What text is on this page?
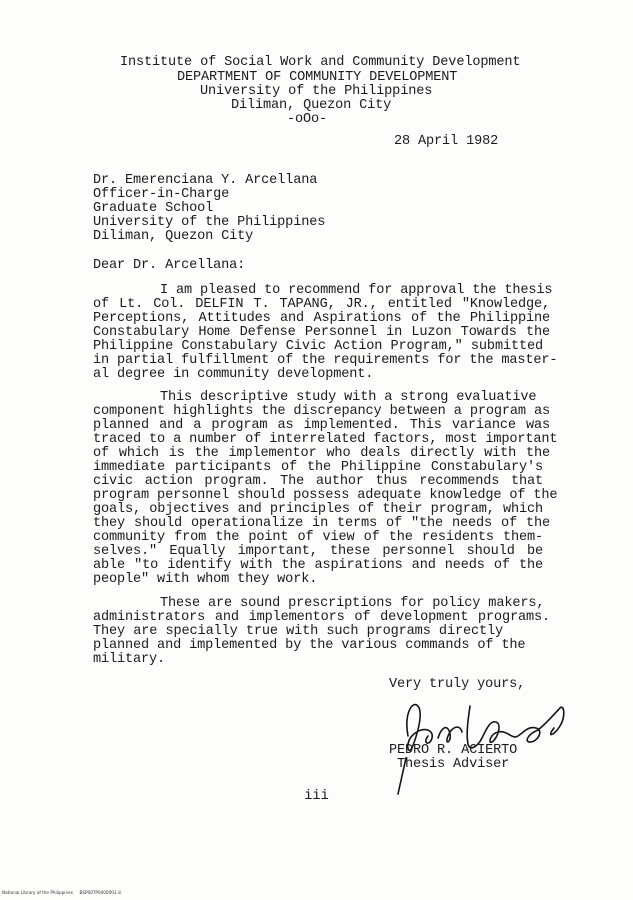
Institute of Social Work and Community Development
DEPARTMENT OF COMMUNITY DEVELOPMENT
University of the Philippines
Diliman, Quezon City
-oOo-
28 April 1982
Dr. Emerenciana Y. Arcellana
Officer-in-Charge
Graduate School
University of the Philippines
Diliman, Quezon City
Dear Dr. Arcellana:
I am pleased to recommend for approval the thesis
of Lt. Col. DELFIN T. TAPANG, JR., entitled "Knowledge,
Perceptions, Attitudes and Aspirations of the Philippine
Constabulary Home Defense Personnel in Luzon Towards the
Philippine Constabulary Civic Action Program," submitted
in partial fulfillment of the requirements for the master-
al degree in community development.
This descriptive study with a strong evaluative
component highlights the discrepancy between a program as
planned and a program as implemented. This variance was
traced to a number of interrelated factors, most important
of which is the implementor who deals directly with the
immediate participants of the Philippine Constabulary's
civic action program. The author thus recommends that
program personnel should possess adequate knowledge of the
goals, objectives and principles of their program, which
they should operationalize in terms of "the needs of the
community from the point of view of the residents them-
selves." Equally important, these personnel should be
able "to identify with the aspirations and needs of the
people" with whom they work.
These are sound prescriptions for policy makers,
administrators and implementors of development programs.
They are specially true with such programs directly
planned and implemented by the various commands of the
military.
Very truly yours,
PEDRO R. ACIERTO
Thesis Adviser
iii
National Library of the Philippines     BSP00TP0000003 iii
